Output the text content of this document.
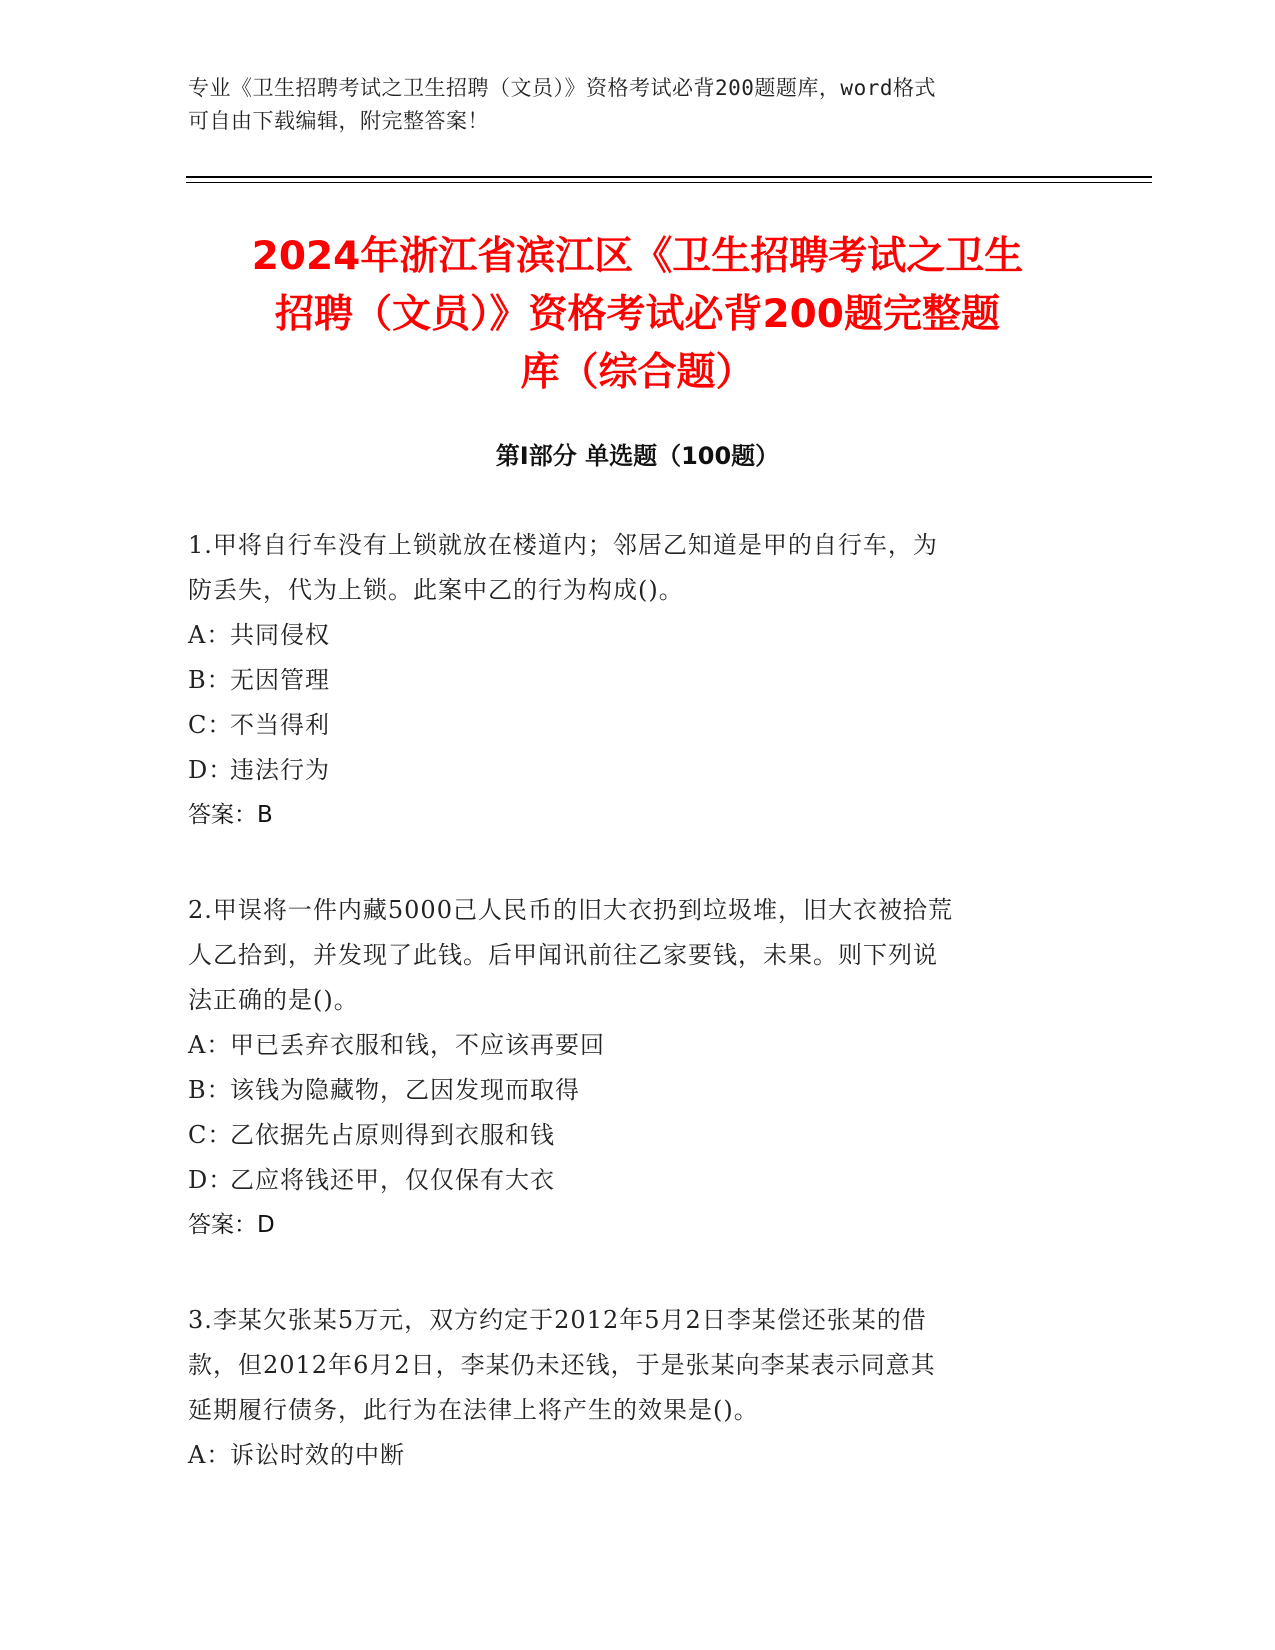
专业《卫生招聘考试之卫生招聘（文员）》资格考试必背200题题库，word格式

可自由下载编辑，附完整答案！

2024年浙江省滨江区《卫生招聘考试之卫生

招聘（文员）》资格考试必背200题完整题

库（综合题）

第I部分 单选题（100题）
1.甲将自行车没有上锁就放在楼道内；邻居乙知道是甲的自行车，为
防丢失，代为上锁。此案中乙的行为构成()。
A：共同侵权
B：无因管理
C：不当得利
D：违法行为
答案：B
2.甲误将一件内藏5000己人民币的旧大衣扔到垃圾堆，旧大衣被拾荒
人乙拾到，并发现了此钱。后甲闻讯前往乙家要钱，未果。则下列说
法正确的是()。
A：甲已丢弃衣服和钱，不应该再要回
B：该钱为隐藏物，乙因发现而取得
C：乙依据先占原则得到衣服和钱
D：乙应将钱还甲，仅仅保有大衣
答案：D
3.李某欠张某5万元，双方约定于2012年5月2日李某偿还张某的借
款，但2012年6月2日，李某仍未还钱，于是张某向李某表示同意其
延期履行债务，此行为在法律上将产生的效果是()。
A：诉讼时效的中断
